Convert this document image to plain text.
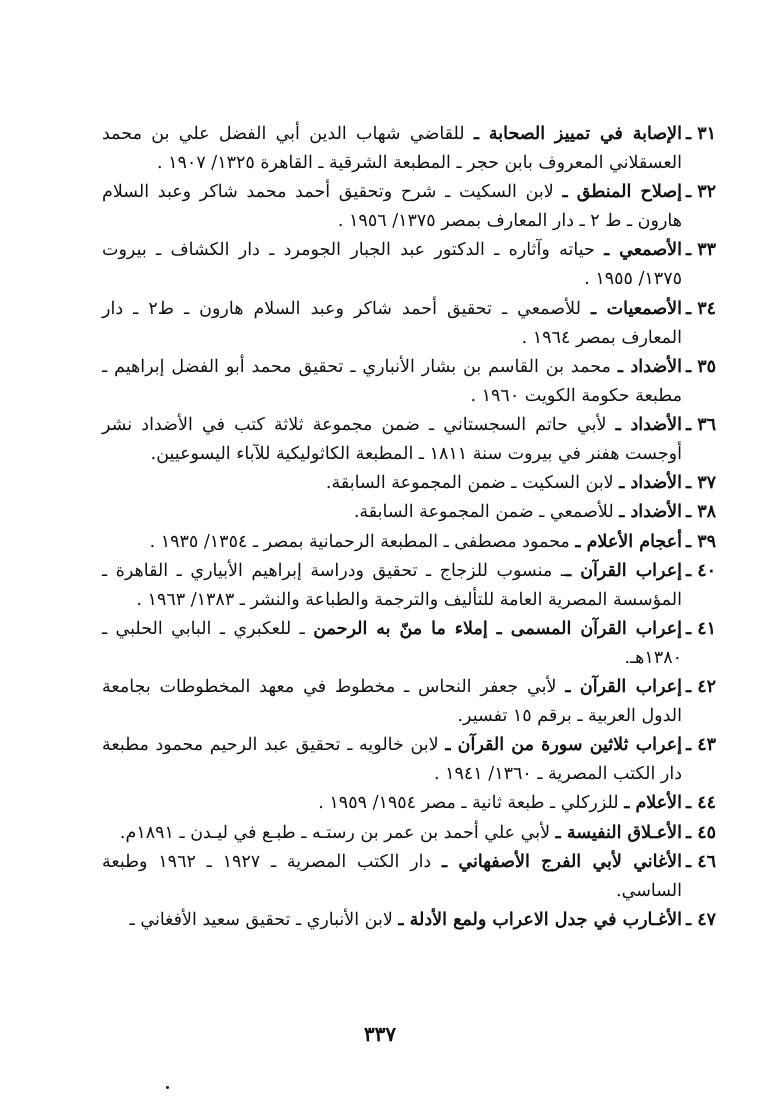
٣١ ـ
الإصابة في تمييز الصحابة ـ للقاضي شهاب الدين أبي الفضل علي بن محمد العسقلاني المعروف بابن حجر ـ المطبعة الشرقية ـ القاهرة ١٣٢٥/ ١٩٠٧ .

٣٢ ـ
إصلاح المنطق ـ لابن السكيت ـ شرح وتحقيق أحمد محمد شاكر وعبد السلام هارون ـ ط ٢ ـ دار المعارف بمصر ١٣٧٥/ ١٩٥٦ .

٣٣ ـ
الأصمعي ـ حياته وآثاره ـ الدكتور عبد الجبار الجومرد ـ دار الكشاف ـ بيروت ١٣٧٥/ ١٩٥٥ .

٣٤ ـ
الأصمعيات ـ للأصمعي ـ تحقيق أحمد شاكر وعبد السلام هارون ـ ط٢ ـ دار المعارف بمصر ١٩٦٤ .

٣٥ ـ
الأضداد ـ محمد بن القاسم بن بشار الأنباري ـ تحقيق محمد أبو الفضل إبراهيم ـ مطبعة حكومة الكويت ١٩٦٠ .

٣٦ ـ
الأضداد ـ لأبي حاتم السجستاني ـ ضمن مجموعة ثلاثة كتب في الأضداد نشر أوجست هفنر في بيروت سنة ١٨١١ ـ المطبعة الكاثوليكية للآباء اليسوعيين.

٣٧ ـ
الأضداد ـ لابن السكيت ـ ضمن المجموعة السابقة.

٣٨ ـ
الأضداد ـ للأصمعي ـ ضمن المجموعة السابقة.

٣٩ ـ
أعجام الأعلام ـ محمود مصطفى ـ المطبعة الرحمانية بمصر ـ ١٣٥٤/ ١٩٣٥ .

٤٠ ـ
إعراب القرآن ــ منسوب للزجاج ـ تحقيق ودراسة إبراهيم الأبياري ـ القاهرة ـ المؤسسة المصرية العامة للتأليف والترجمة والطباعة والنشر ـ ١٣٨٣/ ١٩٦٣ .

٤١ ـ
إعراب القرآن المسمى ـ إملاء ما منّ به الرحمن ـ للعكبري ـ البابي الحلبي ـ ١٣٨٠هـ.

٤٢ ـ
إعراب القرآن ـ لأبي جعفر النحاس ـ مخطوط في معهد المخطوطات بجامعة الدول العربية ـ برقم ١٥ تفسير.

٤٣ ـ
إعراب ثلاثين سورة من القرآن ـ لابن خالويه ـ تحقيق عبد الرحيم محمود مطبعة دار الكتب المصرية ـ ١٣٦٠/ ١٩٤١ .

٤٤ ـ
الأعلام ـ للزركلي ـ طبعة ثانية ـ مصر ١٩٥٤/ ١٩٥٩ .

٤٥ ـ
الأعـلاق النفيسة ـ لأبي علي أحمد بن عمر بن رستـه ـ طبـع في ليـدن ـ ١٨٩١م.

٤٦ ـ
الأغاني لأبي الفرج الأصفهاني ـ دار الكتب المصرية ـ ١٩٢٧ ـ ١٩٦٢ وطبعة الساسي.

٤٧ ـ
الأغـارب في جدل الاعراب ولمع الأدلة ـ لابن الأنباري ـ تحقيق سعيد الأفغاني ـ

٣٣٧
